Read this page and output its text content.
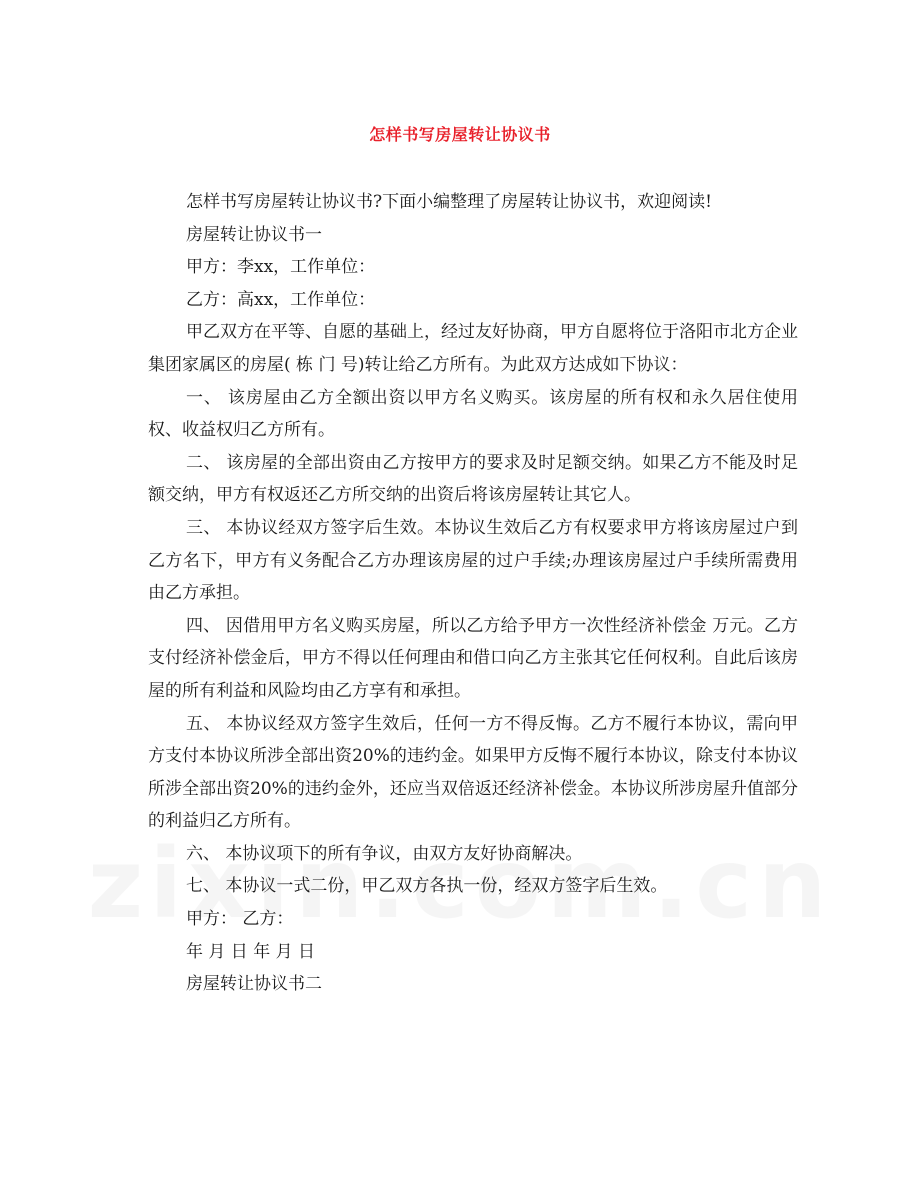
怎样书写房屋转让协议书

怎样书写房屋转让协议书?下面小编整理了房屋转让协议书，欢迎阅读!

房屋转让协议书一

甲方：李xx，工作单位：

乙方：高xx，工作单位：

甲乙双方在平等、自愿的基础上，经过友好协商，甲方自愿将位于洛阳市北方企业集团家属区的房屋( 栋 门 号)转让给乙方所有。为此双方达成如下协议：

一、 该房屋由乙方全额出资以甲方名义购买。该房屋的所有权和永久居住使用权、收益权归乙方所有。

二、 该房屋的全部出资由乙方按甲方的要求及时足额交纳。如果乙方不能及时足额交纳，甲方有权返还乙方所交纳的出资后将该房屋转让其它人。

三、 本协议经双方签字后生效。本协议生效后乙方有权要求甲方将该房屋过户到乙方名下，甲方有义务配合乙方办理该房屋的过户手续;办理该房屋过户手续所需费用由乙方承担。

四、 因借用甲方名义购买房屋，所以乙方给予甲方一次性经济补偿金 万元。乙方支付经济补偿金后，甲方不得以任何理由和借口向乙方主张其它任何权利。自此后该房屋的所有利益和风险均由乙方享有和承担。

五、 本协议经双方签字生效后，任何一方不得反悔。乙方不履行本协议，需向甲方支付本协议所涉全部出资20%的违约金。如果甲方反悔不履行本协议，除支付本协议所涉全部出资20%的违约金外，还应当双倍返还经济补偿金。本协议所涉房屋升值部分的利益归乙方所有。

六、 本协议项下的所有争议，由双方友好协商解决。

七、 本协议一式二份，甲乙双方各执一份，经双方签字后生效。

甲方： 乙方：

年 月 日 年 月 日

房屋转让协议书二
